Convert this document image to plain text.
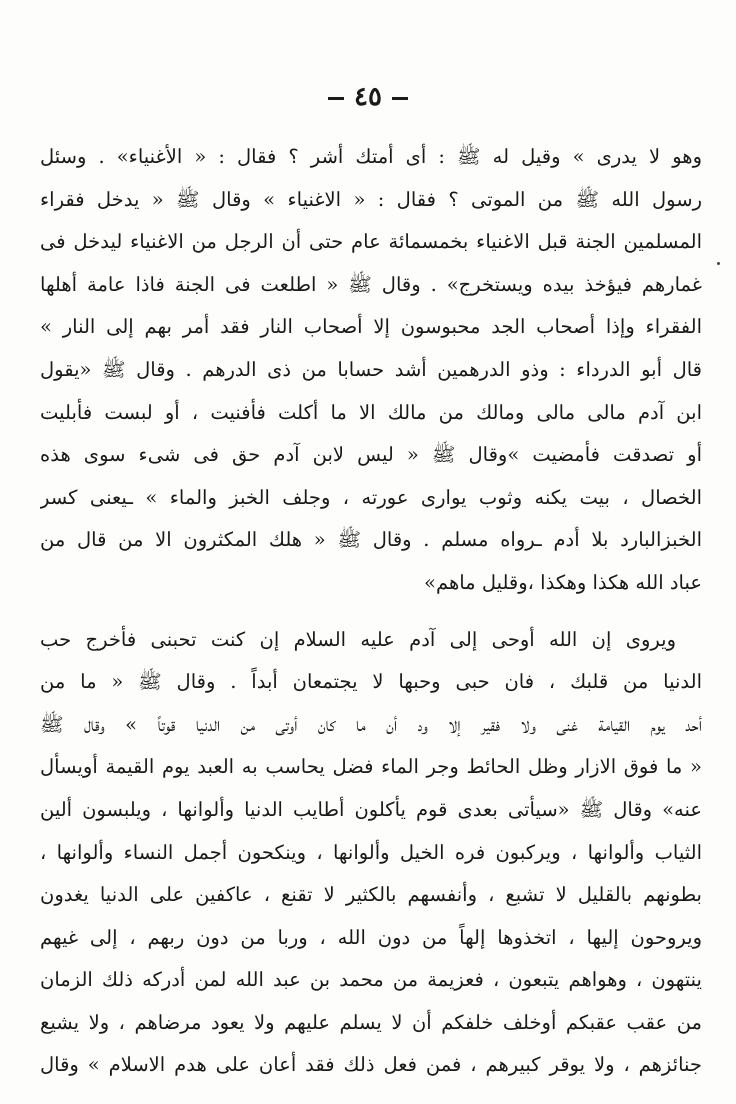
٤٥
وهو لا يدرى » وقيل له ﷺ : أى أمتك أشر ؟ فقال : « الأغنياء» . وسئل
رسول الله ﷺ من الموتى ؟ فقال : « الاغنياء » وقال ﷺ « يدخل فقراء
المسلمين الجنة قبل الاغنياء بخمسمائة عام حتى أن الرجل من الاغنياء ليدخل فى
غمارهم فيؤخذ بيده ويستخرج» . وقال ﷺ « اطلعت فى الجنة فاذا عامة أهلها
الفقراء وإذا أصحاب الجد محبوسون إلا أصحاب النار فقد أمر بهم إلى النار »
قال أبو الدرداء : وذو الدرهمين أشد حسابا من ذى الدرهم . وقال ﷺ «يقول
ابن آدم مالى مالى ومالك من مالك الا ما أكلت فأفنيت ، أو لبست فأبليت
أو تصدقت فأمضيت »وقال ﷺ « ليس لابن آدم حق فى شىء سوى هذه
الخصال ، بيت يكنه وثوب يوارى عورته ، وجلف الخبز والماء » ـيعنى كسر
الخبزالبارد بلا أدم ـرواه مسلم . وقال ﷺ « هلك المكثرون الا من قال من
عباد الله هكذا وهكذا ،وقليل ماهم»
ويروى إن الله أوحى إلى آدم عليه السلام إن كنت تحبنى فأخرج حب
الدنيا من قلبك ، فان حبى وحبها لا يجتمعان أبداً . وقال ﷺ « ما من
أحد يوم القيامة غنى ولا فقير إلا ود أن ما كان أوتى من الدنيا قوتاً » وقال ﷺ
« ما فوق الازار وظل الحائط وجر الماء فضل يحاسب به العبد يوم القيمة أويسأل
عنه» وقال ﷺ «سيأتى بعدى قوم يأكلون أطايب الدنيا وألوانها ، ويلبسون ألين
الثياب وألوانها ، ويركبون فره الخيل وألوانها ، وينكحون أجمل النساء وألوانها ،
بطونهم بالقليل لا تشبع ، وأنفسهم بالكثير لا تقنع ، عاكفين على الدنيا يغدون
ويروحون إليها ، اتخذوها إلهاً من دون الله ، وربا من دون ربهم ، إلى غيهم
ينتهون ، وهواهم يتبعون ، فعزيمة من محمد بن عبد الله لمن أدركه ذلك الزمان
من عقب عقبكم أوخلف خلفكم أن لا يسلم عليهم ولا يعود مرضاهم ، ولا يشيع
جنائزهم ، ولا يوقر كبيرهم ، فمن فعل ذلك فقد أعان على هدم الاسلام » وقال
